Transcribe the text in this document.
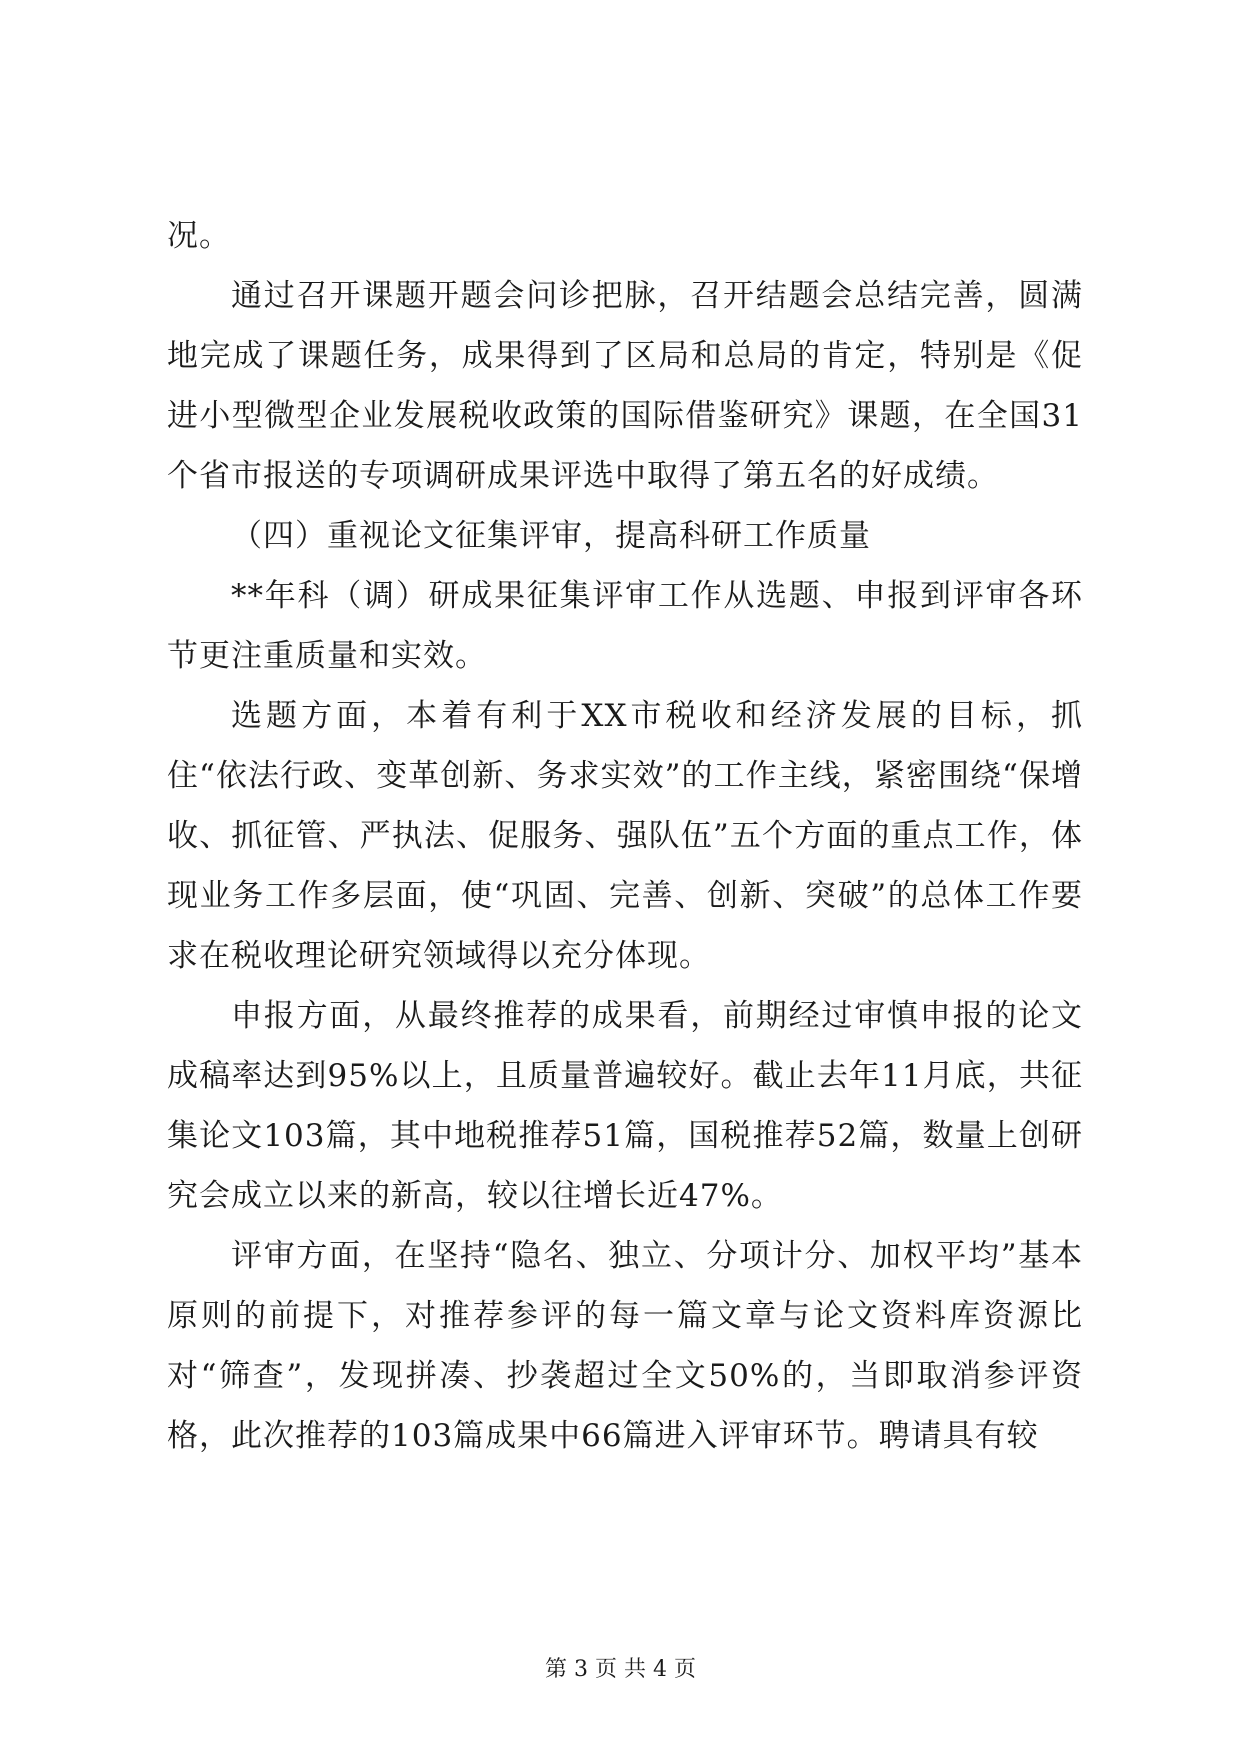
况。

通过召开课题开题会问诊把脉，召开结题会总结完善，圆满地完成了课题任务，成果得到了区局和总局的肯定，特别是《促进小型微型企业发展税收政策的国际借鉴研究》课题，在全国31个省市报送的专项调研成果评选中取得了第五名的好成绩。

（四）重视论文征集评审，提高科研工作质量

**年科（调）研成果征集评审工作从选题、申报到评审各环节更注重质量和实效。

选题方面，本着有利于XX市税收和经济发展的目标，抓住“依法行政、变革创新、务求实效”的工作主线，紧密围绕“保增收、抓征管、严执法、促服务、强队伍”五个方面的重点工作，体现业务工作多层面，使“巩固、完善、创新、突破”的总体工作要求在税收理论研究领域得以充分体现。

申报方面，从最终推荐的成果看，前期经过审慎申报的论文成稿率达到95%以上，且质量普遍较好。截止去年11月底，共征集论文103篇，其中地税推荐51篇，国税推荐52篇，数量上创研究会成立以来的新高，较以往增长近47%。

评审方面，在坚持“隐名、独立、分项计分、加权平均”基本原则的前提下，对推荐参评的每一篇文章与论文资料库资源比对“筛查”，发现拼凑、抄袭超过全文50%的，当即取消参评资格，此次推荐的103篇成果中66篇进入评审环节。聘请具有较

第 3 页 共 4 页
